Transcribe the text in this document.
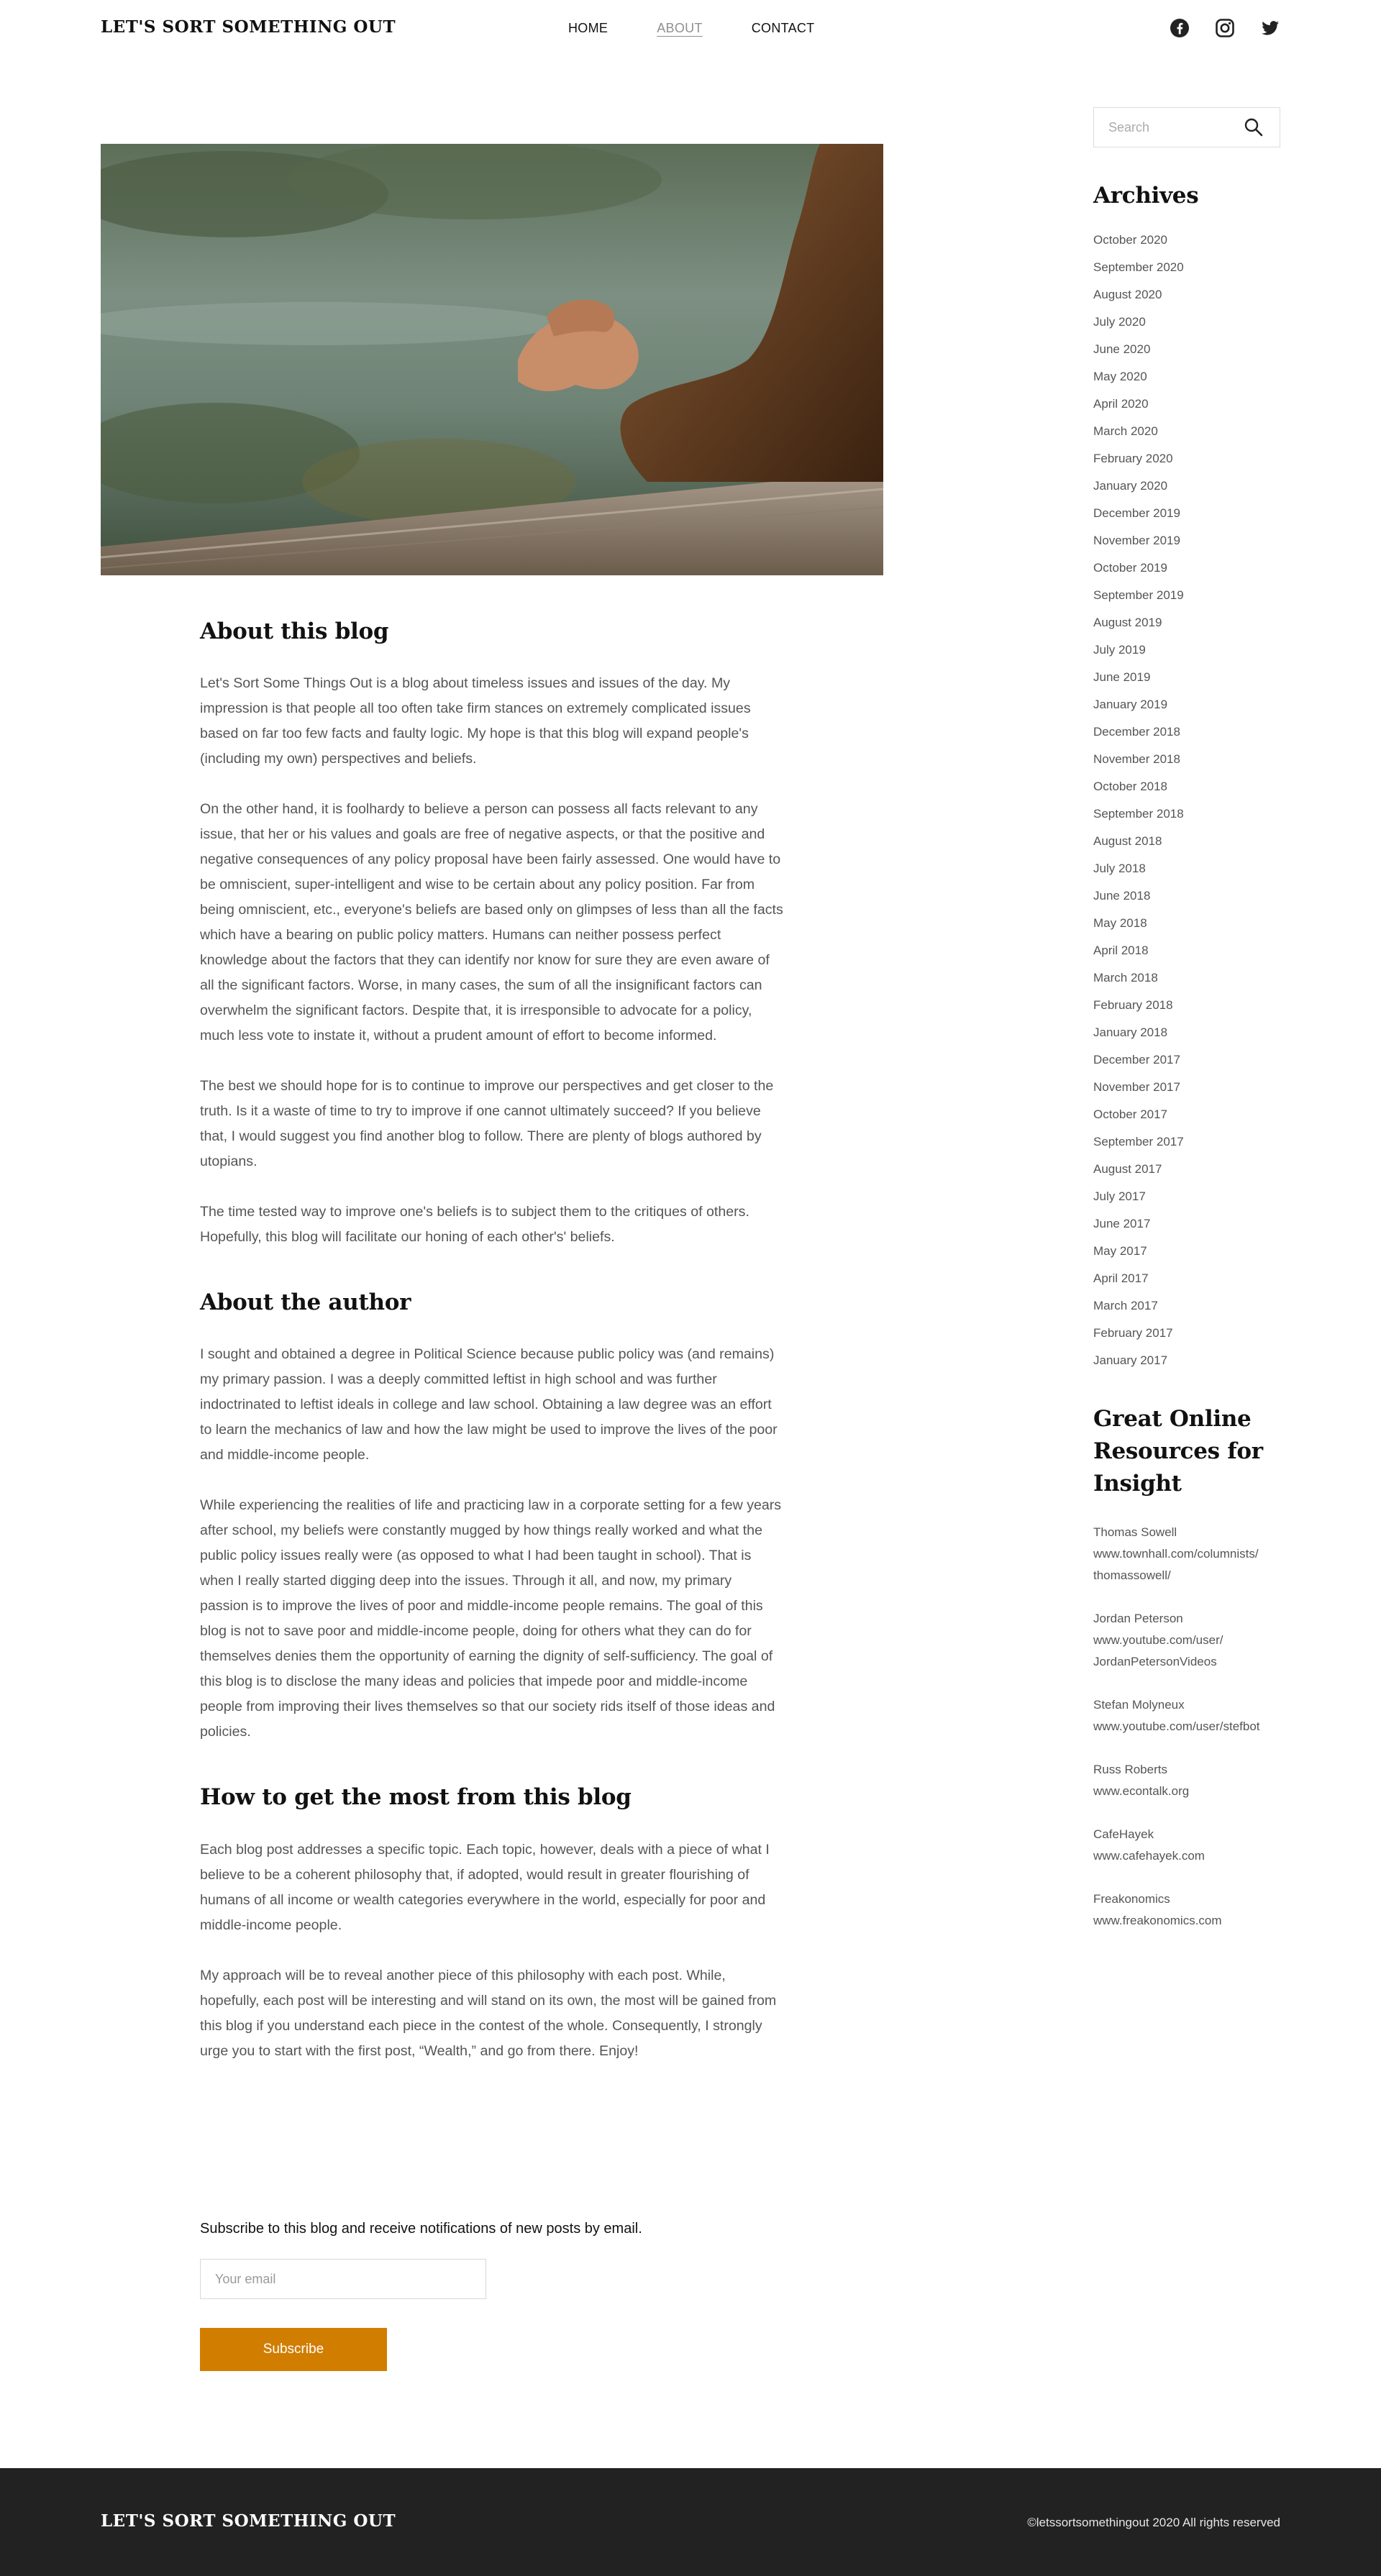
LET'S SORT SOMETHING OUT	HOME	ABOUT	CONTACT
About this blog

Let's Sort Some Things Out is a blog about timeless issues and issues of the day. My impression is that people all too often take firm stances on extremely complicated issues based on far too few facts and faulty logic. My hope is that this blog will expand people's (including my own) perspectives and beliefs.

On the other hand, it is foolhardy to believe a person can possess all facts relevant to any issue, that her or his values and goals are free of negative aspects, or that the positive and negative consequences of any policy proposal have been fairly assessed. One would have to be omniscient, super-intelligent and wise to be certain about any policy position. Far from being omniscient, etc., everyone's beliefs are based only on glimpses of less than all the facts which have a bearing on public policy matters. Humans can neither possess perfect knowledge about the factors that they can identify nor know for sure they are even aware of all the significant factors. Worse, in many cases, the sum of all the insignificant factors can overwhelm the significant factors. Despite that, it is irresponsible to advocate for a policy, much less vote to instate it, without a prudent amount of effort to become informed.

The best we should hope for is to continue to improve our perspectives and get closer to the truth. Is it a waste of time to try to improve if one cannot ultimately succeed? If you believe that, I would suggest you find another blog to follow. There are plenty of blogs authored by utopians.

The time tested way to improve one's beliefs is to subject them to the critiques of others. Hopefully, this blog will facilitate our honing of each other's' beliefs.

About the author

I sought and obtained a degree in Political Science because public policy was (and remains) my primary passion. I was a deeply committed leftist in high school and was further indoctrinated to leftist ideals in college and law school. Obtaining a law degree was an effort to learn the mechanics of law and how the law might be used to improve the lives of the poor and middle-income people.

While experiencing the realities of life and practicing law in a corporate setting for a few years after school, my beliefs were constantly mugged by how things really worked and what the public policy issues really were (as opposed to what I had been taught in school). That is when I really started digging deep into the issues. Through it all, and now, my primary passion is to improve the lives of poor and middle-income people remains. The goal of this blog is not to save poor and middle-income people, doing for others what they can do for themselves denies them the opportunity of earning the dignity of self-sufficiency. The goal of this blog is to disclose the many ideas and policies that impede poor and middle-income people from improving their lives themselves so that our society rids itself of those ideas and policies.

How to get the most from this blog

Each blog post addresses a specific topic. Each topic, however, deals with a piece of what I believe to be a coherent philosophy that, if adopted, would result in greater flourishing of humans of all income or wealth categories everywhere in the world, especially for poor and middle-income people.

My approach will be to reveal another piece of this philosophy with each post. While, hopefully, each post will be interesting and will stand on its own, the most will be gained from this blog if you understand each piece in the contest of the whole. Consequently, I strongly urge you to start with the first post, “Wealth,” and go from there. Enjoy!

Subscribe to this blog and receive notifications of new posts by email.
Your email
Subscribe
Search
Archives
October 2020
September 2020
August 2020
July 2020
June 2020
May 2020
April 2020
March 2020
February 2020
January 2020
December 2019
November 2019
October 2019
September 2019
August 2019
July 2019
June 2019
January 2019
December 2018
November 2018
October 2018
September 2018
August 2018
July 2018
June 2018
May 2018
April 2018
March 2018
February 2018
January 2018
December 2017
November 2017
October 2017
September 2017
August 2017
July 2017
June 2017
May 2017
April 2017
March 2017
February 2017
January 2017
Great Online
Resources for
Insight
Thomas Sowell
www.townhall.com/columnists/
thomassowell/
Jordan Peterson
www.youtube.com/user/
JordanPetersonVideos
Stefan Molyneux
www.youtube.com/user/stefbot
Russ Roberts
www.econtalk.org
CafeHayek
www.cafehayek.com
Freakonomics
www.freakonomics.com
LET'S SORT SOMETHING OUT	©letssortsomethingout 2020 All rights reserved
